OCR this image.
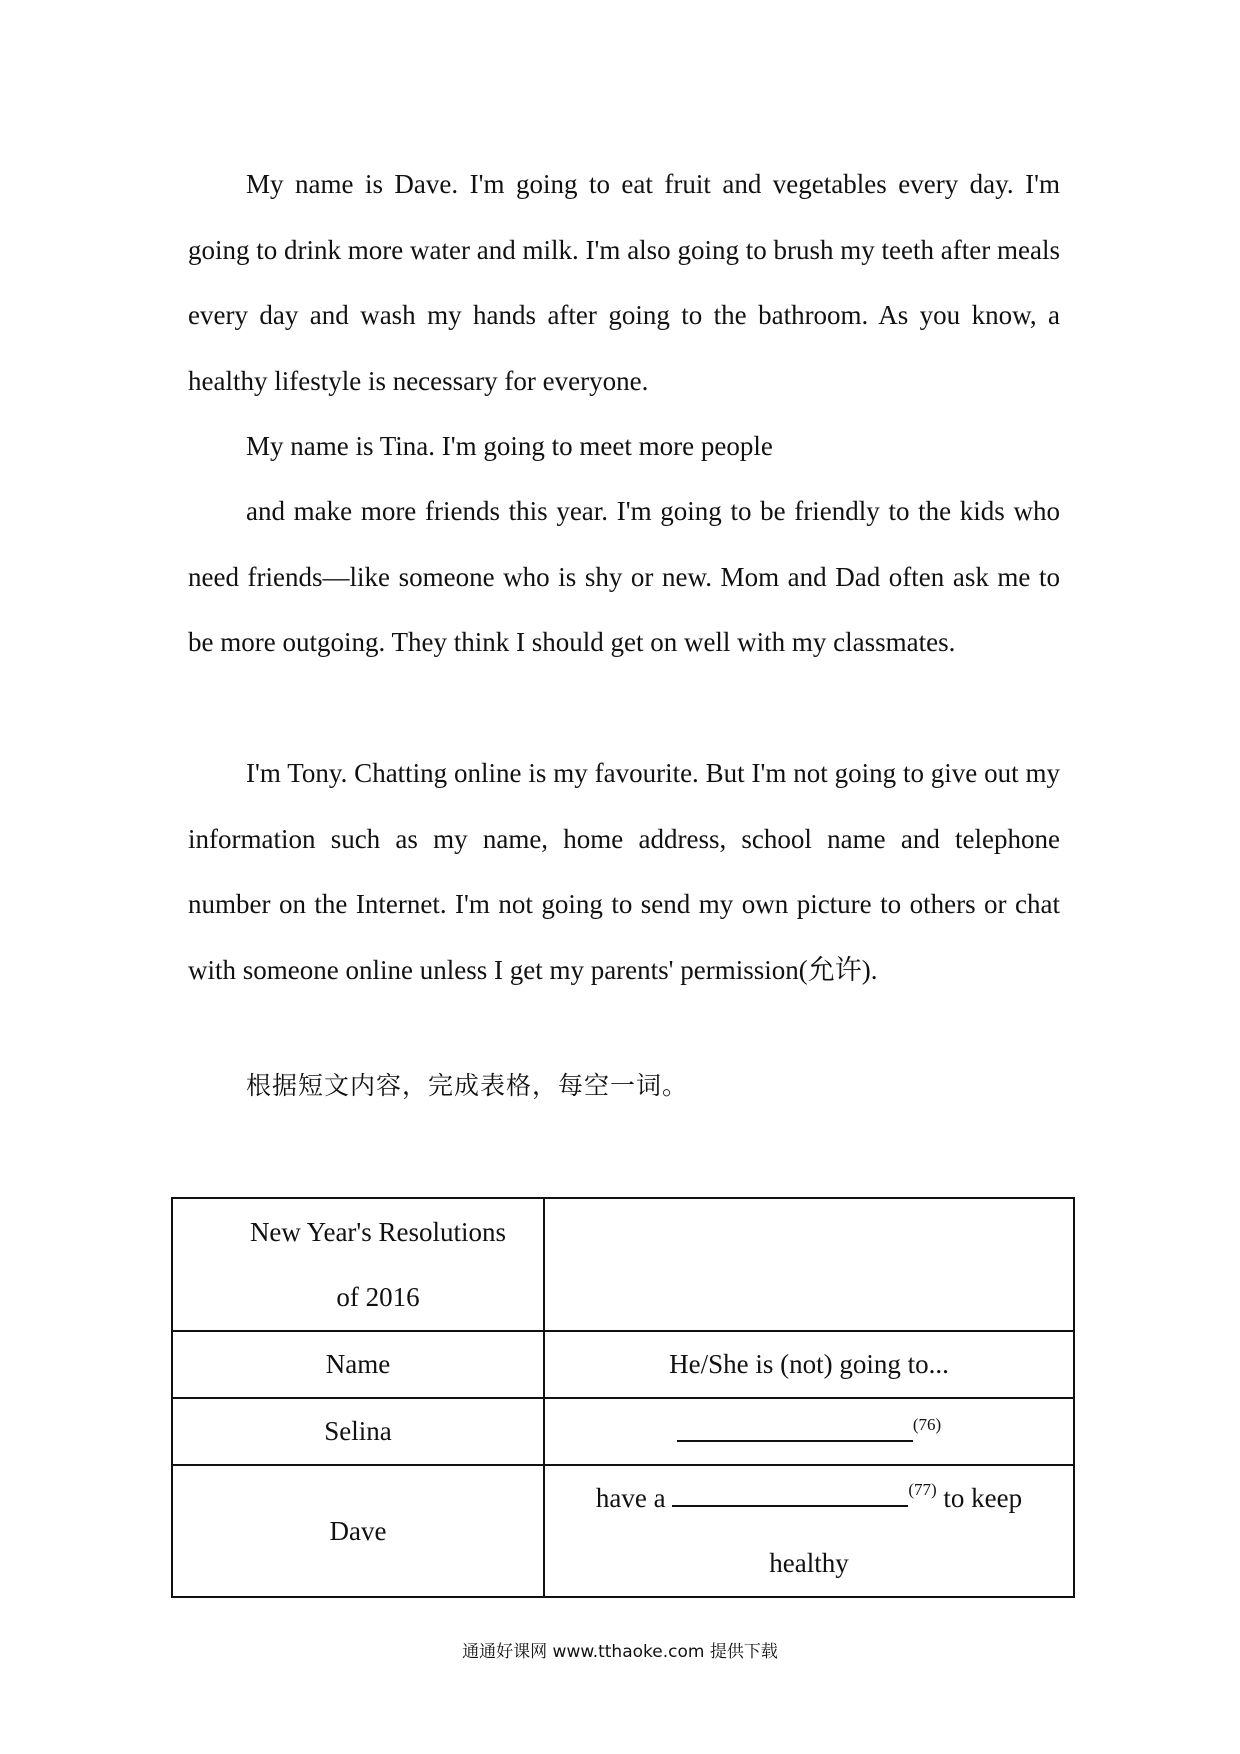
My name is Dave. I'm going to eat fruit and vegetables every day. I'm going to drink more water and milk. I'm also going to brush my teeth after meals every day and wash my hands after going to the bathroom. As you know, a healthy lifestyle is necessary for everyone.

My name is Tina. I'm going to meet more people

and make more friends this year. I'm going to be friendly to the kids who need friends—like someone who is shy or new. Mom and Dad often ask me to be more outgoing. They think I should get on well with my classmates.

I'm Tony. Chatting online is my favourite. But I'm not going to give out my information such as my name, home address, school name and telephone number on the Internet. I'm not going to send my own picture to others or chat with someone online unless I get my parents' permission(允许).

根据短文内容，完成表格，每空一词。

New Year's Resolutions
of 2016	
Name	He/She is (not) going to...
Selina	$^{(76)}$
Dave	have a $^{(77)}$ to keep
healthy
通通好课网 www.tthaoke.com 提供下载
